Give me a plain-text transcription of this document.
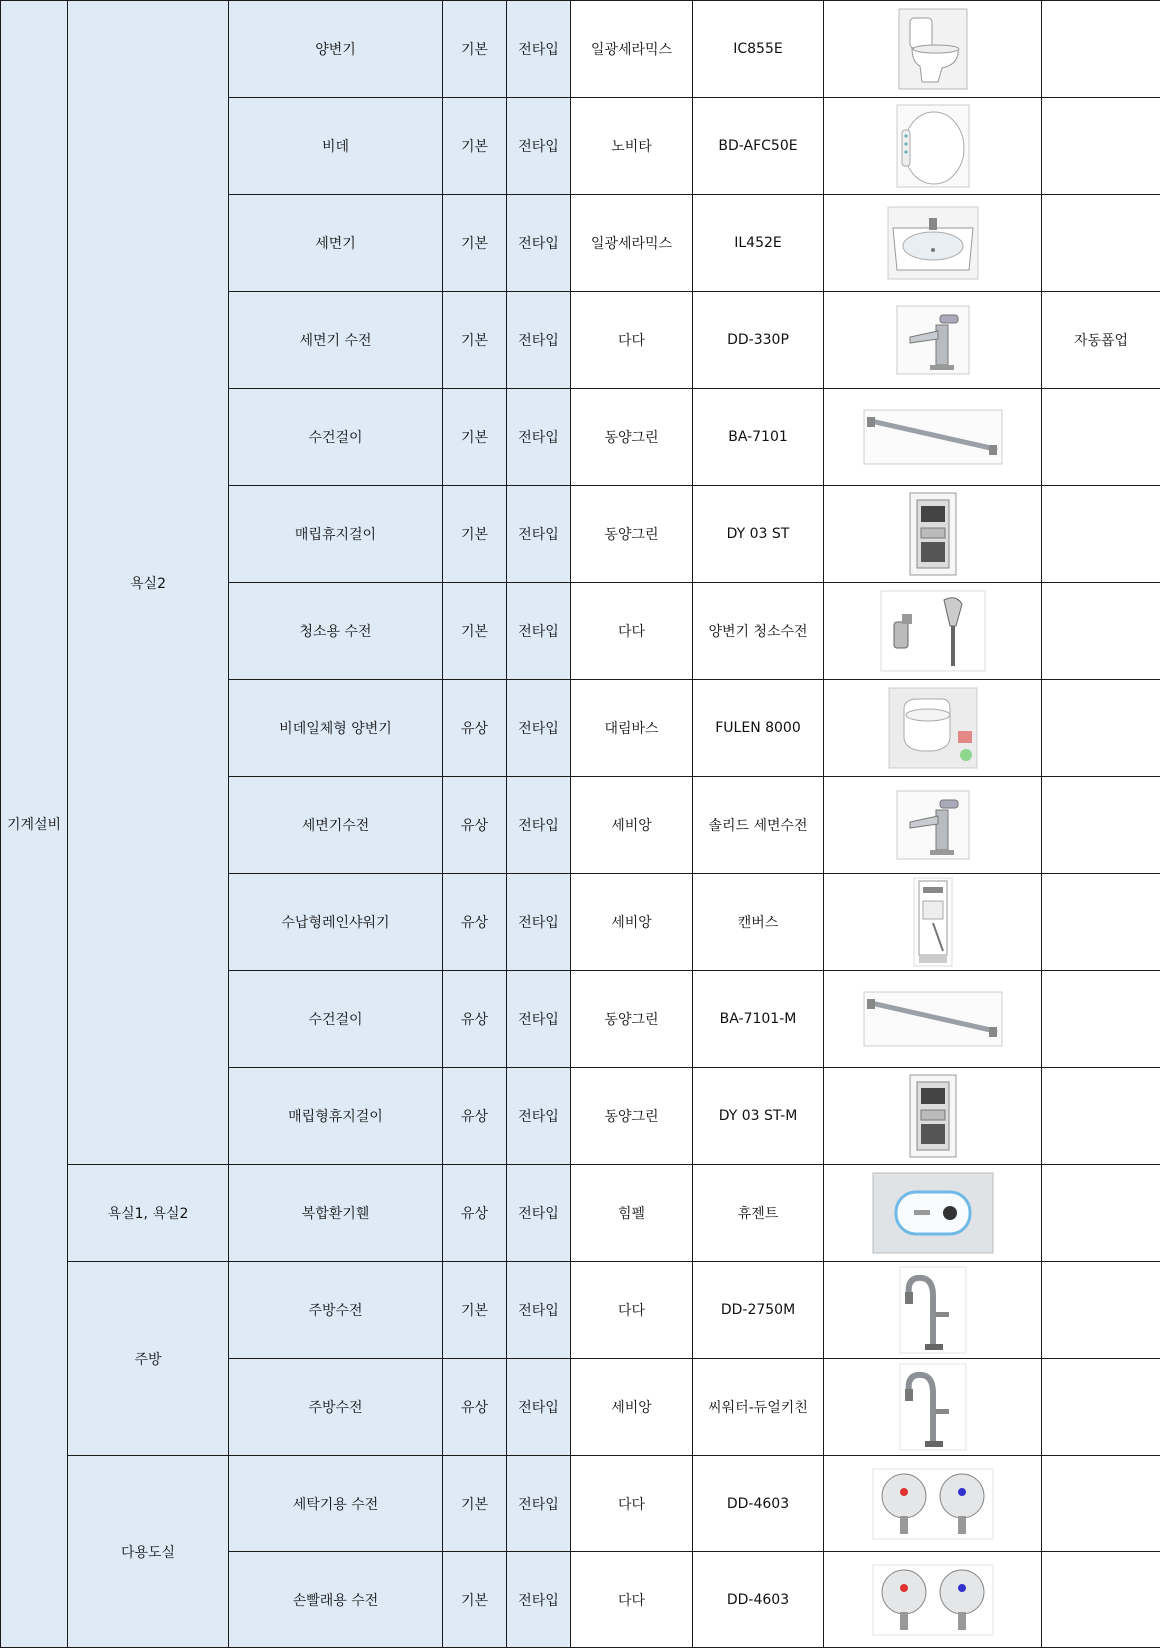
기계설비	욕실2	양변기	기본	전타입	일광세라믹스	IC855E	

		비데	기본	전타입	노비타	BD-AFC50E	

		세면기	기본	전타입	일광세라믹스	IL452E	

		세면기 수전	기본	전타입	다다	DD-330P		자동폽업
		수건걸이	기본	전타입	동양그린	BA-7101	

		매립휴지걸이	기본	전타입	동양그린	DY 03 ST	

		청소용 수전	기본	전타입	다다	양변기 청소수전	

		비데일체형 양변기	유상	전타입	대림바스	FULEN 8000	

		세면기수전	유상	전타입	세비앙	솔리드 세면수전	

		수납형레인샤워기	유상	전타입	세비앙	캔버스	

		수건걸이	유상	전타입	동양그린	BA-7101-M	

		매립형휴지걸이	유상	전타입	동양그린	DY 03 ST-M	

	욕실1, 욕실2	복합환기휀	유상	전타입	힘펠	휴젠트	

	주방	주방수전	기본	전타입	다다	DD-2750M	

		주방수전	유상	전타입	세비앙	씨워터-듀얼키친	

	다용도실	세탁기용 수전	기본	전타입	다다	DD-4603	

		손빨래용 수전	기본	전타입	다다	DD-4603	
